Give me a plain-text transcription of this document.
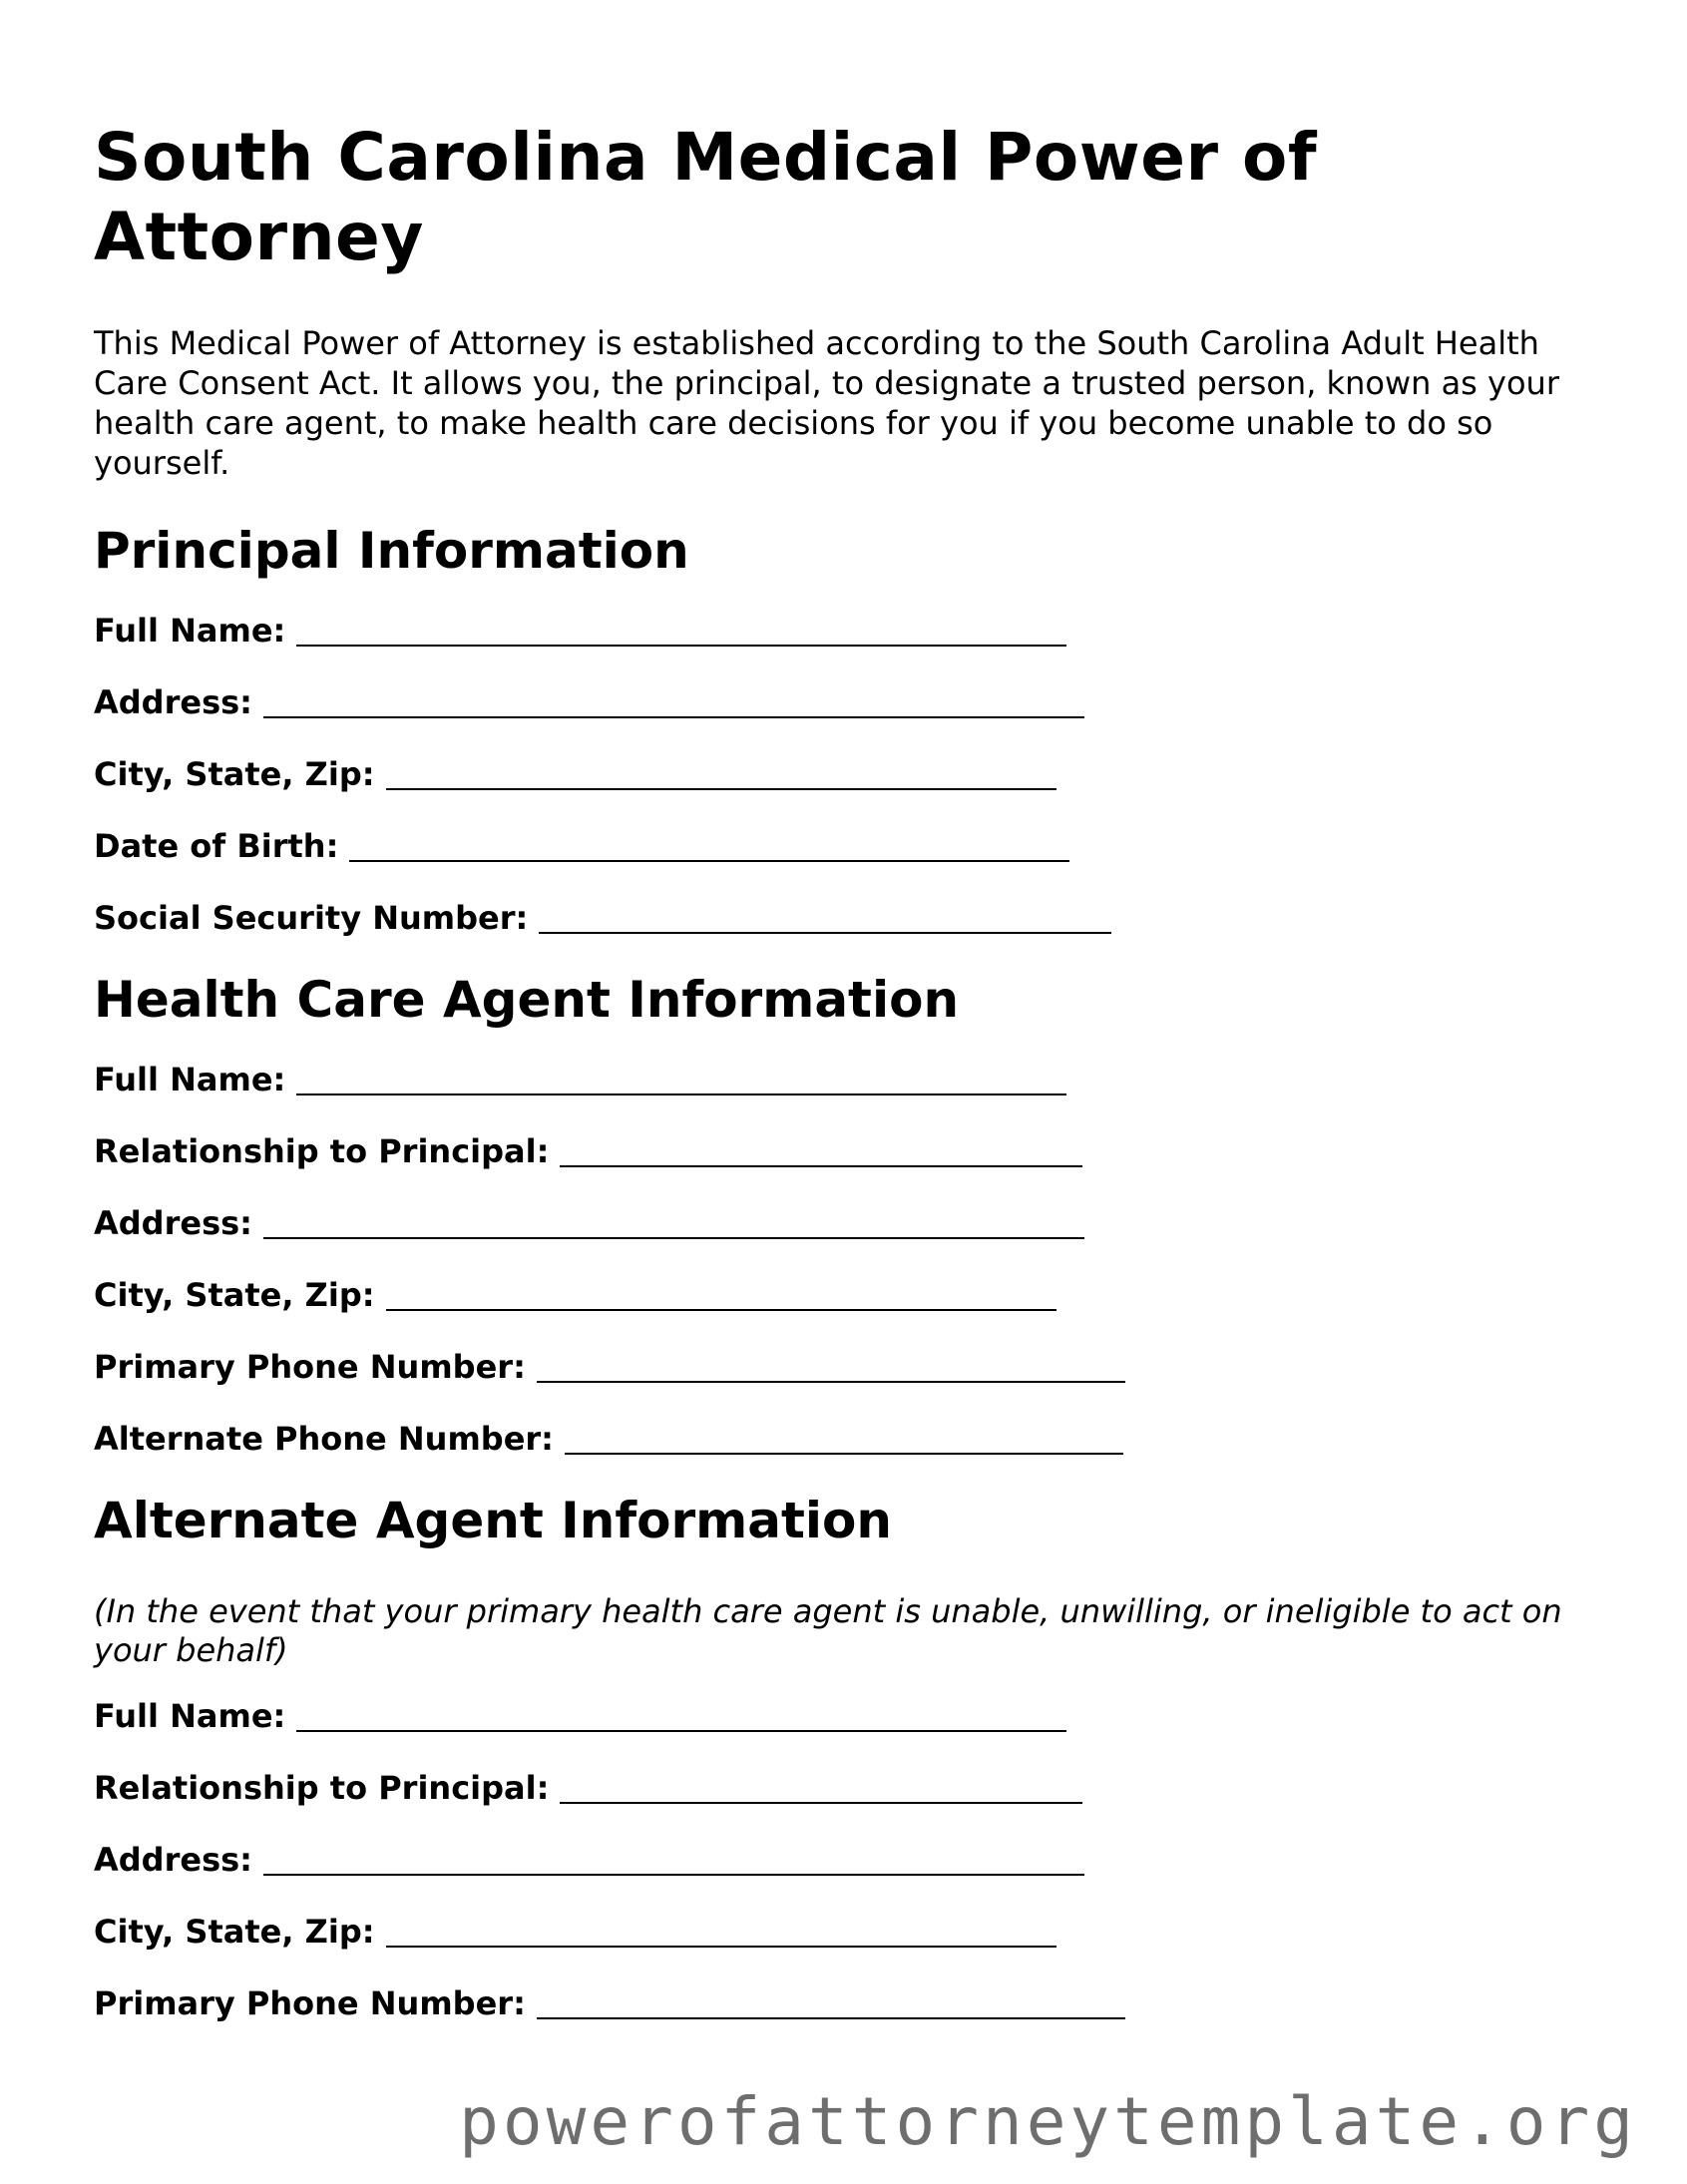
South Carolina Medical Power of Attorney

This Medical Power of Attorney is established according to the South Carolina Adult Health Care Consent Act. It allows you, the principal, to designate a trusted person, known as your health care agent, to make health care decisions for you if you become unable to do so yourself.

Principal Information
Full Name:
Address:
City, State, Zip:
Date of Birth:
Social Security Number:
Health Care Agent Information
Full Name:
Relationship to Principal:
Address:
City, State, Zip:
Primary Phone Number:
Alternate Phone Number:
Alternate Agent Information

(In the event that your primary health care agent is unable, unwilling, or ineligible to act on your behalf)

Full Name:
Relationship to Principal:
Address:
City, State, Zip:
Primary Phone Number:
powerofattorneytemplate.org
